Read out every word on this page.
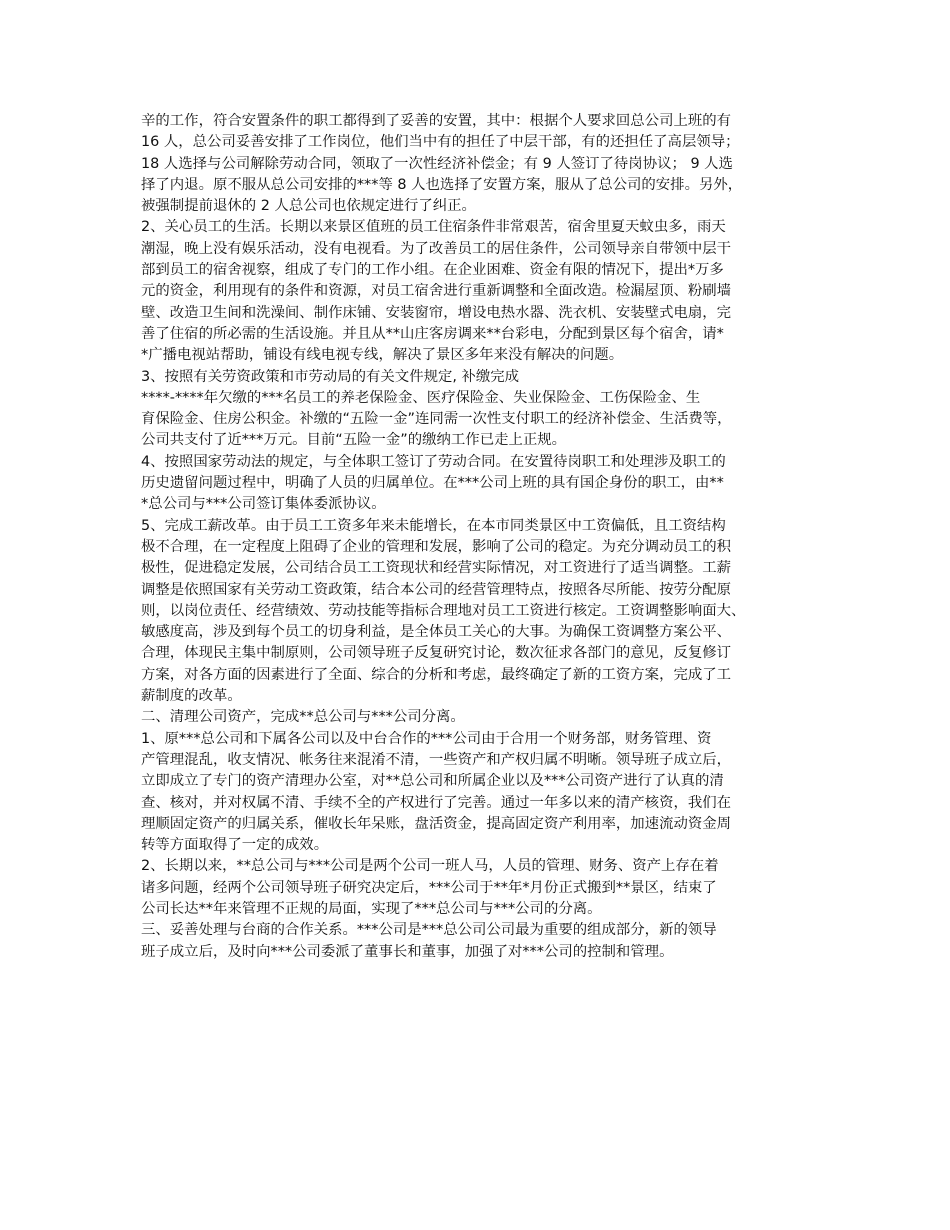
辛的工作，符合安置条件的职工都得到了妥善的安置，其中：根据个人要求回总公司上班的有
16 人，总公司妥善安排了工作岗位，他们当中有的担任了中层干部，有的还担任了高层领导；
18 人选择与公司解除劳动合同，领取了一次性经济补偿金；有 9 人签订了待岗协议； 9 人选
择了内退。原不服从总公司安排的***等 8 人也选择了安置方案，服从了总公司的安排。另外，
被强制提前退休的 2 人总公司也依规定进行了纠正。
2、关心员工的生活。长期以来景区值班的员工住宿条件非常艰苦，宿舍里夏天蚊虫多，雨天
潮湿，晚上没有娱乐活动，没有电视看。为了改善员工的居住条件，公司领导亲自带领中层干
部到员工的宿舍视察，组成了专门的工作小组。在企业困难、资金有限的情况下，提出*万多
元的资金，利用现有的条件和资源，对员工宿舍进行重新调整和全面改造。检漏屋顶、粉刷墙
壁、改造卫生间和洗澡间、制作床铺、安装窗帘，增设电热水器、洗衣机、安装壁式电扇，完
善了住宿的所必需的生活设施。并且从**山庄客房调来**台彩电，分配到景区每个宿舍，请*
*广播电视站帮助，铺设有线电视专线，解决了景区多年来没有解决的问题。
3、按照有关劳资政策和市劳动局的有关文件规定, 补缴完成
****-****年欠缴的***名员工的养老保险金、医疗保险金、失业保险金、工伤保险金、生
育保险金、住房公积金。补缴的“五险一金”连同需一次性支付职工的经济补偿金、生活费等，
公司共支付了近***万元。目前“五险一金”的缴纳工作已走上正规。
4、按照国家劳动法的规定，与全体职工签订了劳动合同。在安置待岗职工和处理涉及职工的
历史遗留问题过程中，明确了人员的归属单位。在***公司上班的具有国企身份的职工，由**
*总公司与***公司签订集体委派协议。
5、完成工薪改革。由于员工工资多年来未能增长，在本市同类景区中工资偏低，且工资结构
极不合理，在一定程度上阻碍了企业的管理和发展，影响了公司的稳定。为充分调动员工的积
极性，促进稳定发展，公司结合员工工资现状和经营实际情况，对工资进行了适当调整。工薪
调整是依照国家有关劳动工资政策，结合本公司的经营管理特点，按照各尽所能、按劳分配原
则，以岗位责任、经营绩效、劳动技能等指标合理地对员工工资进行核定。工资调整影响面大、
敏感度高，涉及到每个员工的切身利益，是全体员工关心的大事。为确保工资调整方案公平、
合理，体现民主集中制原则，公司领导班子反复研究讨论，数次征求各部门的意见，反复修订
方案，对各方面的因素进行了全面、综合的分析和考虑，最终确定了新的工资方案，完成了工
薪制度的改革。
二、清理公司资产，完成**总公司与***公司分离。
1、原***总公司和下属各公司以及中台合作的***公司由于合用一个财务部，财务管理、资
产管理混乱，收支情况、帐务往来混淆不清，一些资产和产权归属不明晰。领导班子成立后，
立即成立了专门的资产清理办公室，对**总公司和所属企业以及***公司资产进行了认真的清
查、核对，并对权属不清、手续不全的产权进行了完善。通过一年多以来的清产核资，我们在
理顺固定资产的归属关系，催收长年呆账，盘活资金，提高固定资产利用率，加速流动资金周
转等方面取得了一定的成效。
2、长期以来，**总公司与***公司是两个公司一班人马，人员的管理、财务、资产上存在着
诸多问题，经两个公司领导班子研究决定后，***公司于**年*月份正式搬到**景区，结束了
公司长达**年来管理不正规的局面，实现了***总公司与***公司的分离。
三、妥善处理与台商的合作关系。***公司是***总公司公司最为重要的组成部分，新的领导
班子成立后，及时向***公司委派了董事长和董事，加强了对***公司的控制和管理。
